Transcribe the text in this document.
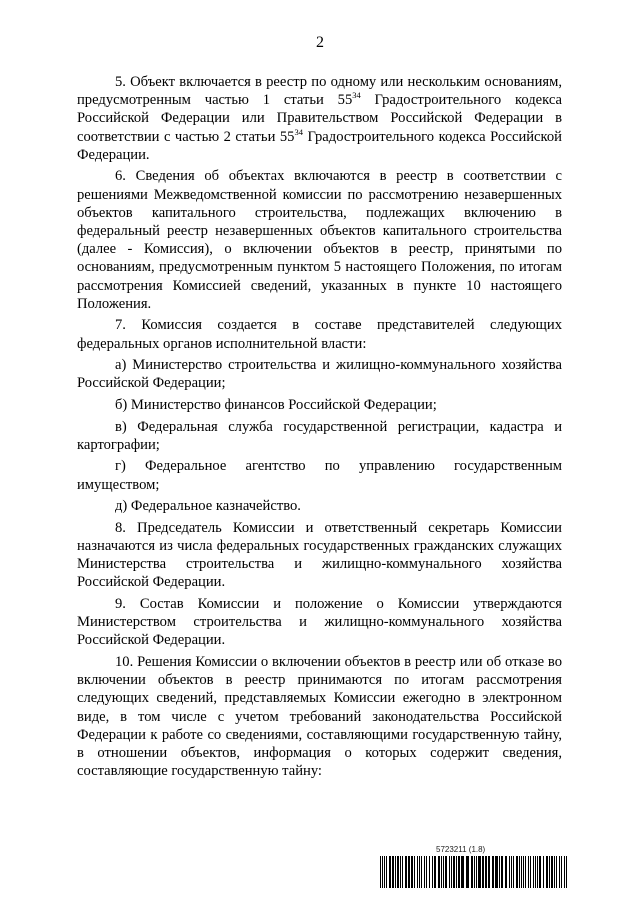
2

5. Объект включается в реестр по одному или нескольким основаниям, предусмотренным частью 1 статьи $55^{34}$ Градостроительного кодекса Российской Федерации или Правительством Российской Федерации в соответствии с частью 2 статьи $55^{34}$ Градостроительного кодекса Российской Федерации.

6. Сведения об объектах включаются в реестр в соответствии с решениями Межведомственной комиссии по рассмотрению незавершенных объектов капитального строительства, подлежащих включению в федеральный реестр незавершенных объектов капитального строительства (далее - Комиссия), о включении объектов в реестр, принятыми по основаниям, предусмотренным пунктом 5 настоящего Положения, по итогам рассмотрения Комиссией сведений, указанных в пункте 10 настоящего Положения.

7. Комиссия создается в составе представителей следующих федеральных органов исполнительной власти:

а) Министерство строительства и жилищно-коммунального хозяйства Российской Федерации;

б) Министерство финансов Российской Федерации;

в) Федеральная служба государственной регистрации, кадастра и картографии;

г) Федеральное агентство по управлению государственным имуществом;

д) Федеральное казначейство.

8. Председатель Комиссии и ответственный секретарь Комиссии назначаются из числа федеральных государственных гражданских служащих Министерства строительства и жилищно-коммунального хозяйства Российской Федерации.

9. Состав Комиссии и положение о Комиссии утверждаются Министерством строительства и жилищно-коммунального хозяйства Российской Федерации.

10. Решения Комиссии о включении объектов в реестр или об отказе во включении объектов в реестр принимаются по итогам рассмотрения следующих сведений, представляемых Комиссии ежегодно в электронном виде, в том числе с учетом требований законодательства Российской Федерации к работе со сведениями, составляющими государственную тайну, в отношении объектов, информация о которых содержит сведения, составляющие государственную тайну:

5723211 (1.8)
